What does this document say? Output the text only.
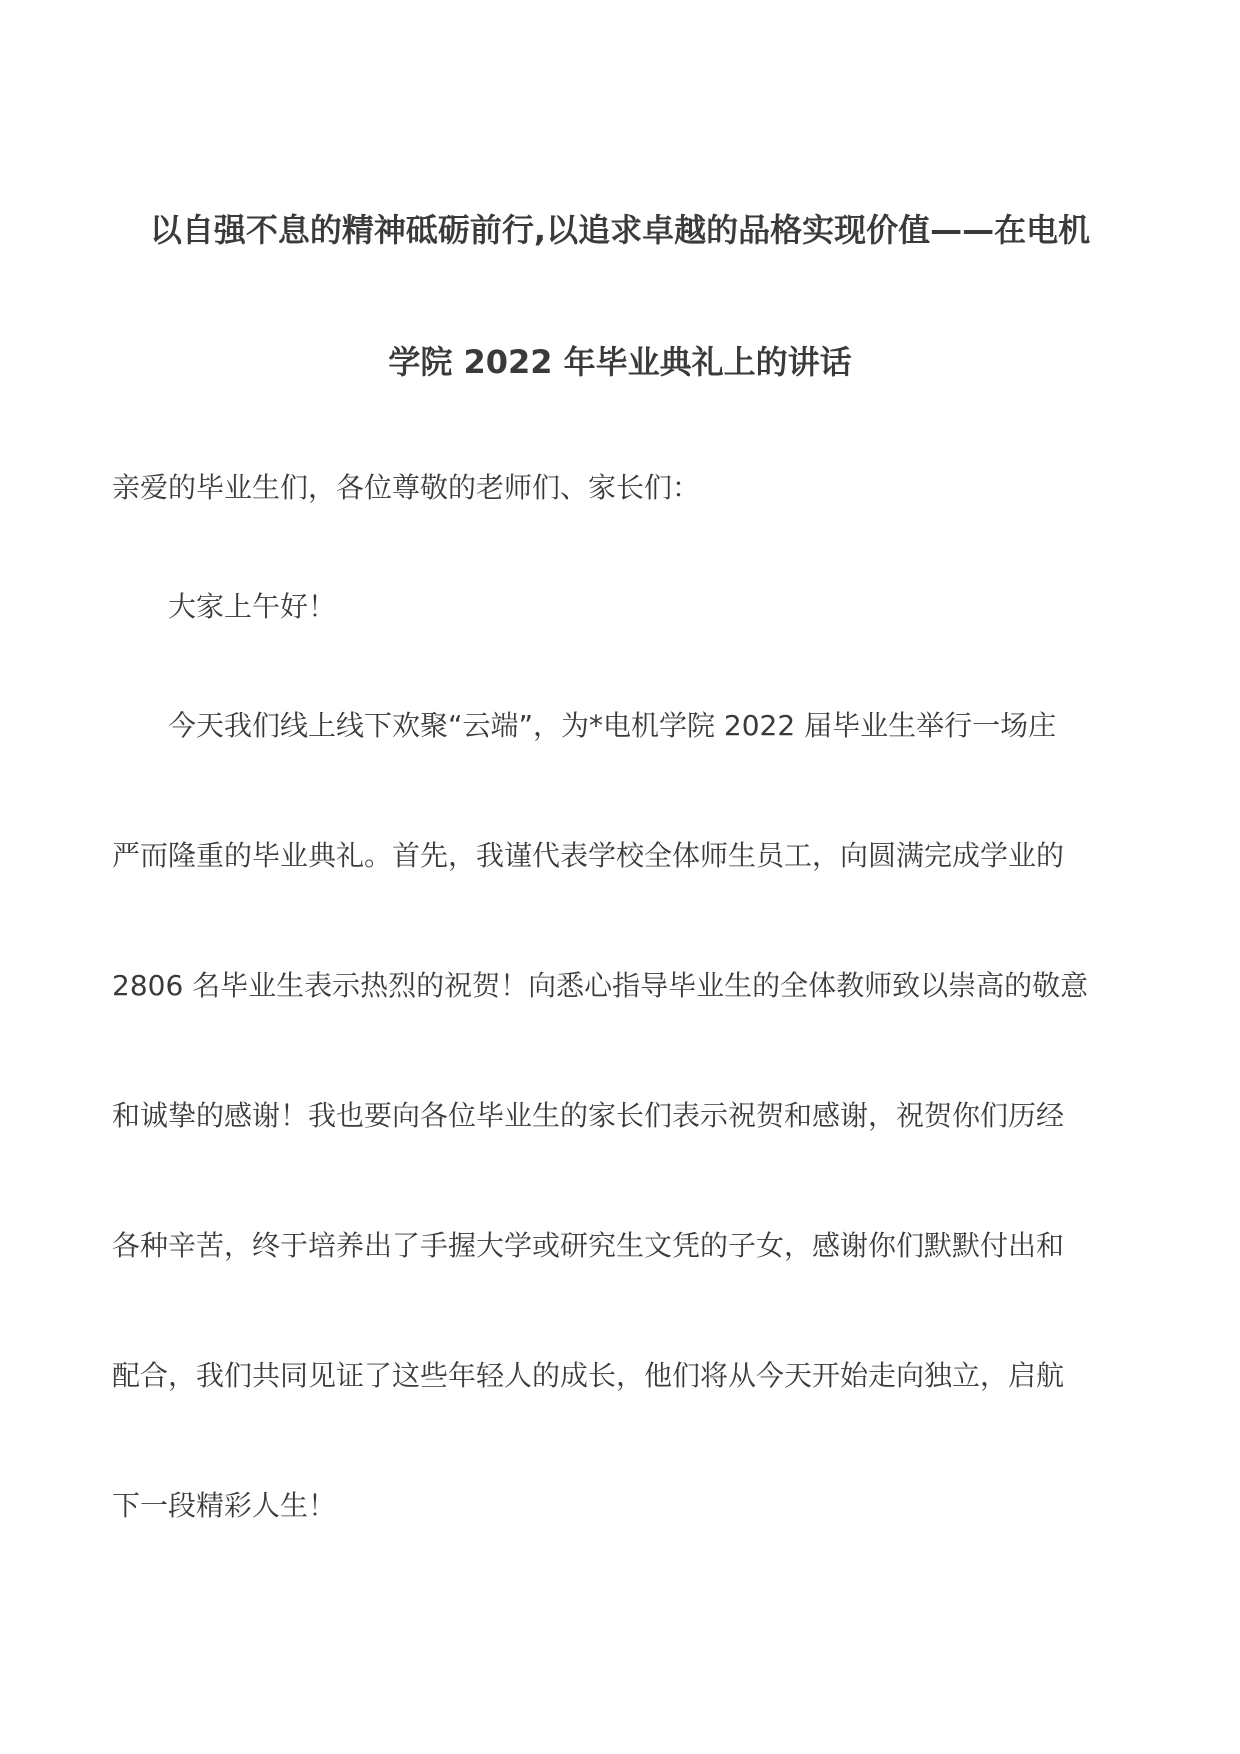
以自强不息的精神砥砺前行,以追求卓越的品格实现价值——在电机
学院 2022 年毕业典礼上的讲话
亲爱的毕业生们，各位尊敬的老师们、家长们：
大家上午好！
今天我们线上线下欢聚“云端”，为*电机学院 2022 届毕业生举行一场庄
严而隆重的毕业典礼。首先，我谨代表学校全体师生员工，向圆满完成学业的
2806 名毕业生表示热烈的祝贺！向悉心指导毕业生的全体教师致以崇高的敬意
和诚挚的感谢！我也要向各位毕业生的家长们表示祝贺和感谢，祝贺你们历经
各种辛苦，终于培养出了手握大学或研究生文凭的子女，感谢你们默默付出和
配合，我们共同见证了这些年轻人的成长，他们将从今天开始走向独立，启航
下一段精彩人生！
